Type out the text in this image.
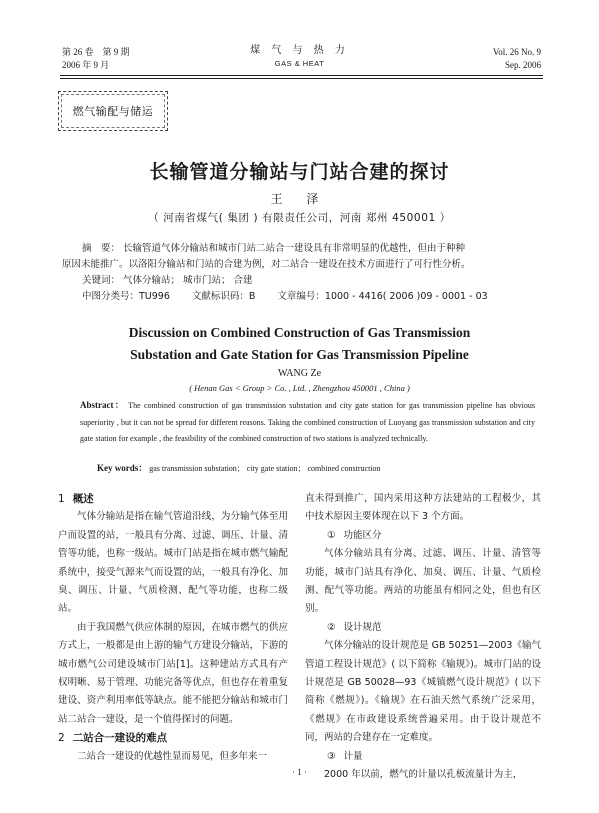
第 26 卷　第 9 期
2006 年 9 月
煤 气 与 热 力
GAS & HEAT
Vol. 26 No. 9
Sep. 2006
燃气输配与储运
长输管道分输站与门站合建的探讨
王 泽
（ 河南省煤气( 集团 ) 有限责任公司，河南 郑州 450001 ）

摘　要： 长输管道气体分输站和城市门站二站合一建设具有非常明显的优越性，但由于种种

原因未能推广。以洛阳分输站和门站的合建为例，对二站合一建设在技术方面进行了可行性分析。

关键词： 气体分输站； 城市门站； 合建

中图分类号：TU996 文献标识码：B 文章编号：1000 - 4416( 2006 )09 - 0001 - 03

Discussion on Combined Construction of Gas Transmission
Substation and Gate Station for Gas Transmission Pipeline
WANG Ze
( Henan Gas < Group > Co. , Ltd. , Zhengzhou 450001 , China )
Abstract： The combined construction of gas transmission substation and city gate station for gas transmission pipeline has obvious superiority , but it can not be spread for different reasons. Taking the combined construction of Luoyang gas transmission substation and city gate station for example , the feasibility of the combined construction of two stations is analyzed technically.
Key words： gas transmission substation； city gate station； combined construction

1 概述

气体分输站是指在输气管道沿线，为分输气体至用户而设置的站，一般具有分离、过滤、调压、计量、清管等功能，也称一级站。城市门站是指在城市燃气输配系统中，接受气源来气而设置的站，一般具有净化、加臭、调压、计量、气质检测、配气等功能，也称二级站。

由于我国燃气供应体制的原因，在城市燃气的供应方式上，一般都是由上游的输气方建设分输站，下游的城市燃气公司建设城市门站[1]。这种建站方式具有产权明晰、易于管理、功能完备等优点，但也存在着重复建设、资产利用率低等缺点。能不能把分输站和城市门站二站合一建设，是一个值得探讨的问题。

2 二站合一建设的难点

二站合一建设的优越性显而易见，但多年来一

直未得到推广，国内采用这种方法建站的工程极少，其中技术原因主要体现在以下 3 个方面。

① 功能区分

气体分输站具有分离、过滤、调压、计量、清管等功能，城市门站具有净化、加臭、调压、计量、气质检测、配气等功能。两站的功能虽有相同之处，但也有区别。

② 设计规范

气体分输站的设计规范是 GB 50251—2003《输气管道工程设计规范》( 以下简称《输规》)。城市门站的设计规范是 GB 50028—93《城镇燃气设计规范》( 以下简称《燃规》)。《输规》在石油天然气系统广泛采用，《燃规》在市政建设系统普遍采用。由于设计规范不同，两站的合建存在一定难度。

③ 计量

2000 年以前，燃气的计量以孔板流量计为主，

· 1 ·
